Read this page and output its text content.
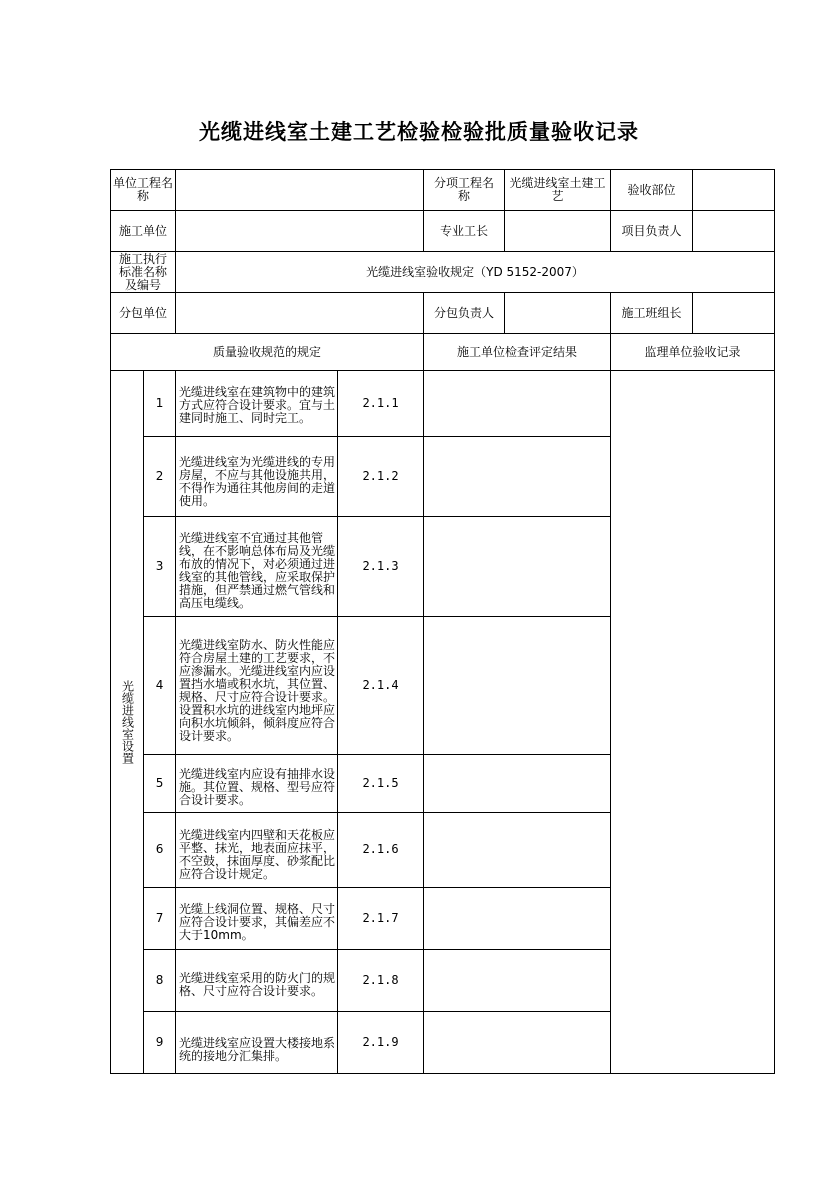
光缆进线室土建工艺检验检验批质量验收记录
单位工程名称				分项工程名称	光缆进线室土建工艺	验收部位	
施工单位				专业工长		项目负责人	
施工执行标准名称及编号		光缆进线室验收规定（YD 5152-2007）					
分包单位				分包负责人		施工班组长	
质量验收规范的规定				施工单位检查评定结果		监理单位验收记录	

光缆进线室设置	1	光缆进线室在建筑物中的建筑方式应符合设计要求。宜与土建同时施工、同时完工。	2.1.1				
	2	光缆进线室为光缆进线的专用房屋，不应与其他设施共用，不得作为通往其他房间的走道使用。	2.1.2				
	3	光缆进线室不宜通过其他管线，在不影响总体布局及光缆布放的情况下，对必须通过进线室的其他管线，应采取保护措施，但严禁通过燃气管线和高压电缆线。	2.1.3				
	4	光缆进线室防水、防火性能应符合房屋土建的工艺要求，不应渗漏水。光缆进线室内应设置挡水墙或积水坑，其位置、规格、尺寸应符合设计要求。设置积水坑的进线室内地坪应向积水坑倾斜，倾斜度应符合设计要求。	2.1.4				
	5	光缆进线室内应设有抽排水设施。其位置、规格、型号应符合设计要求。	2.1.5				
	6	光缆进线室内四壁和天花板应平整、抹光，地表面应抹平，不空鼓，抹面厚度、砂浆配比应符合设计规定。	2.1.6				
	7	光缆上线洞位置、规格、尺寸应符合设计要求，其偏差应不大于10mm。	2.1.7				
	8	光缆进线室采用的防火门的规格、尺寸应符合设计要求。	2.1.8				
	9	光缆进线室应设置大楼接地系统的接地分汇集排。	2.1.9				
